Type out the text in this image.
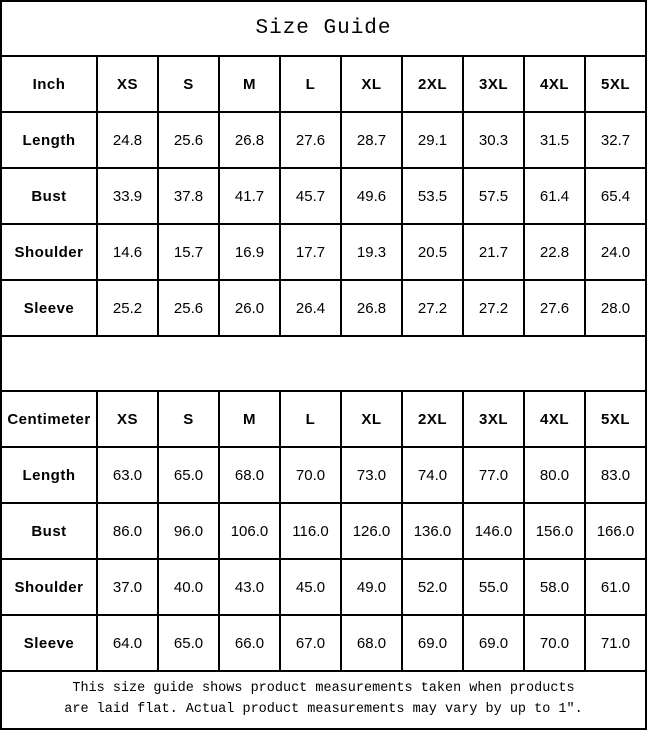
Size Guide
Inch	XS	S	M	L	XL	2XL	3XL	4XL	5XL
Length	24.8	25.6	26.8	27.6	28.7	29.1	30.3	31.5	32.7
Bust	33.9	37.8	41.7	45.7	49.6	53.5	57.5	61.4	65.4
Shoulder	14.6	15.7	16.9	17.7	19.3	20.5	21.7	22.8	24.0
Sleeve	25.2	25.6	26.0	26.4	26.8	27.2	27.2	27.6	28.0
Centimeter	XS	S	M	L	XL	2XL	3XL	4XL	5XL
Length	63.0	65.0	68.0	70.0	73.0	74.0	77.0	80.0	83.0
Bust	86.0	96.0	106.0	116.0	126.0	136.0	146.0	156.0	166.0
Shoulder	37.0	40.0	43.0	45.0	49.0	52.0	55.0	58.0	61.0
Sleeve	64.0	65.0	66.0	67.0	68.0	69.0	69.0	70.0	71.0
This size guide shows product measurements taken when products
are laid flat. Actual product measurements may vary by up to 1″.
